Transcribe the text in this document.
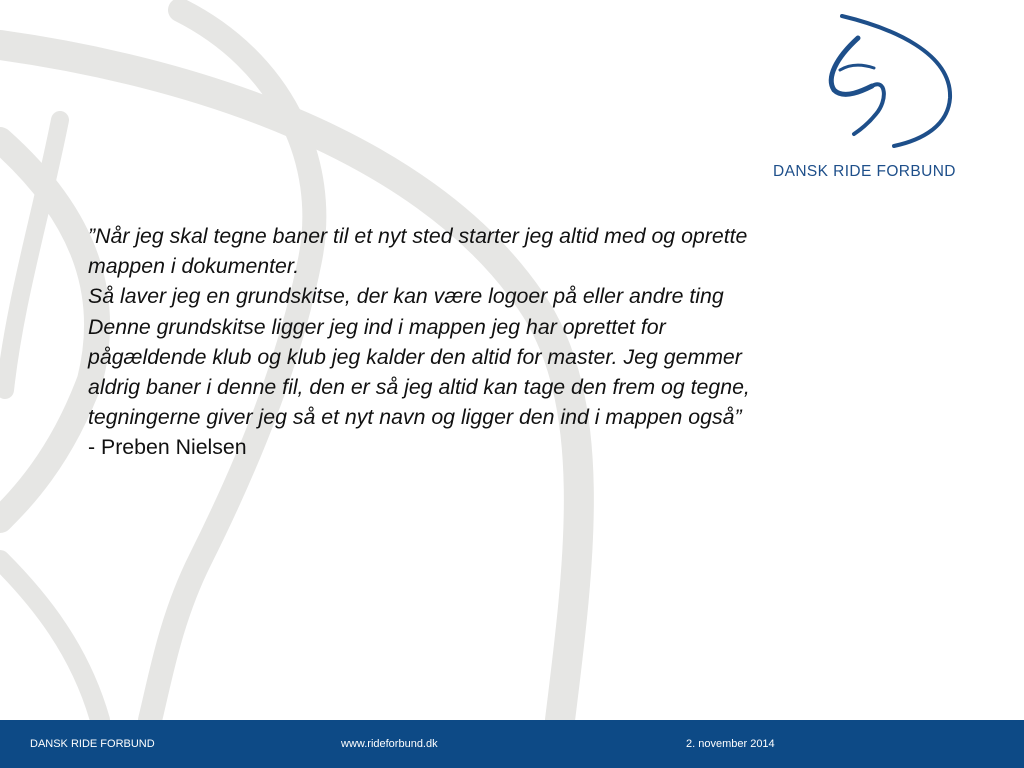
DANSK RIDE FORBUND
”Når jeg skal tegne baner til et nyt sted starter jeg altid med og oprette
mappen i dokumenter.
Så laver jeg en grundskitse, der kan være logoer på eller andre ting
Denne grundskitse ligger jeg ind i mappen jeg har oprettet for
pågældende klub og klub jeg kalder den altid for master. Jeg gemmer
aldrig baner i denne fil, den er så jeg altid kan tage den frem og tegne,
tegningerne giver jeg så et nyt navn og ligger den ind i mappen også”
- Preben Nielsen
DANSK RIDE FORBUND	www.rideforbund.dk	2. november 2014
